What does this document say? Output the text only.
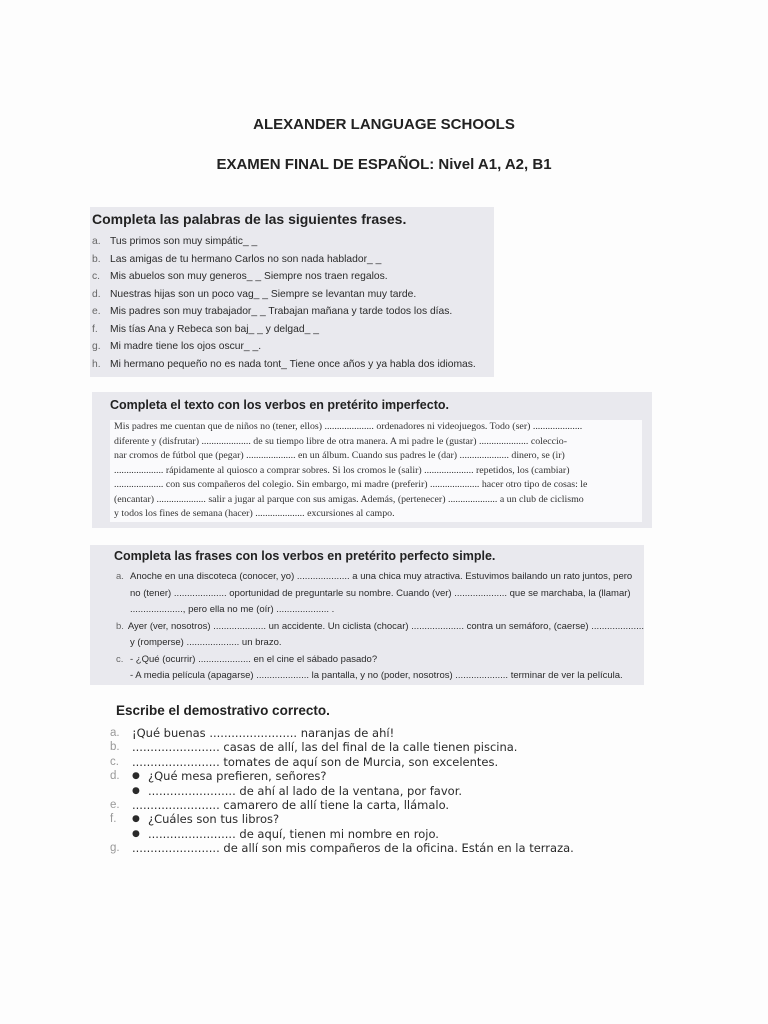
ALEXANDER LANGUAGE SCHOOLS
EXAMEN FINAL DE ESPAÑOL: Nivel A1, A2, B1
Completa las palabras de las siguientes frases.
a. Tus primos son muy simpátic_ _
b. Las amigas de tu hermano Carlos no son nada hablador_ _
c. Mis abuelos son muy generos_ _ Siempre nos traen regalos.
d. Nuestras hijas son un poco vag_ _ Siempre se levantan muy tarde.
e. Mis padres son muy trabajador_ _ Trabajan mañana y tarde todos los días.
f.	Mis tías Ana y Rebeca son baj_ _ y delgad_ _
g. Mi madre tiene los ojos oscur_ _.
h. Mi hermano pequeño no es nada tont_ Tiene once años y ya habla dos idiomas.
Completa el texto con los verbos en pretérito imperfecto.
Mis padres me cuentan que de niños no (tener, ellos) .................... ordenadores ni videojuegos. Todo (ser) ....................
diferente y (disfrutar) .................... de su tiempo libre de otra manera. A mi padre le (gustar) .................... coleccio-
nar cromos de fútbol que (pegar) .................... en un álbum. Cuando sus padres le (dar) .................... dinero, se (ir)
.................... rápidamente al quiosco a comprar sobres. Si los cromos le (salir) .................... repetidos, los (cambiar)
.................... con sus compañeros del colegio. Sin embargo, mi madre (preferir) .................... hacer otro tipo de cosas: le
(encantar) .................... salir a jugar al parque con sus amigas. Además, (pertenecer) .................... a un club de ciclismo
y todos los fines de semana (hacer) .................... excursiones al campo.
Completa las frases con los verbos en pretérito perfecto simple.
a. Anoche en una discoteca (conocer, yo) .................... a una chica muy atractiva. Estuvimos bailando un rato juntos, pero
no (tener) .................... oportunidad de preguntarle su nombre. Cuando (ver) .................... que se marchaba, la (llamar)
...................., pero ella no me (oír) .................... .
b. Ayer (ver, nosotros) .................... un accidente. Un ciclista (chocar) .................... contra un semáforo, (caerse) ....................
y (romperse) .................... un brazo.
c. - ¿Qué (ocurrir) .................... en el cine el sábado pasado?
- A media película (apagarse) .................... la pantalla, y no (poder, nosotros) .................... terminar de ver la película.
Escribe el demostrativo correcto.
a.	¡Qué buenas ........................ naranjas de ahí!
b.	........................ casas de allí, las del final de la calle tienen piscina.
c.	........................ tomates de aquí son de Murcia, son excelentes.
d.	● ¿Qué mesa prefieren, señores?
● ........................ de ahí al lado de la ventana, por favor.
e.	........................ camarero de allí tiene la carta, llámalo.
f.	● ¿Cuáles son tus libros?
● ........................ de aquí, tienen mi nombre en rojo.
g.	........................ de allí son mis compañeros de la oficina. Están en la terraza.
